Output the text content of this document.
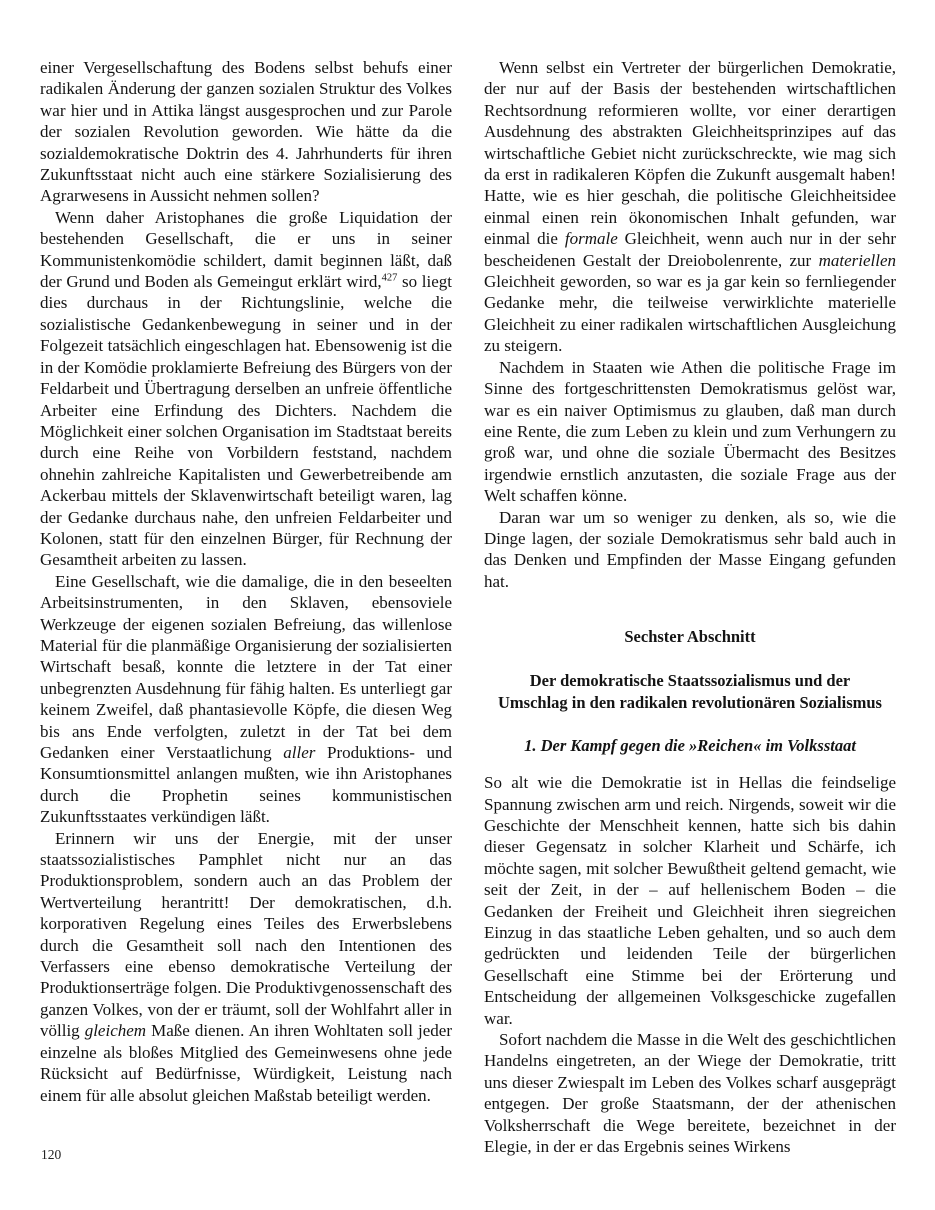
einer Vergesellschaftung des Bodens selbst behufs einer radikalen Änderung der ganzen sozialen Struktur des Volkes war hier und in Attika längst ausgesprochen und zur Parole der sozialen Revolution geworden. Wie hätte da die sozialdemokratische Doktrin des 4. Jahrhunderts für ihren Zukunftsstaat nicht auch eine stärkere Sozialisierung des Agrarwesens in Aussicht nehmen sollen?

Wenn daher Aristophanes die große Liquidation der bestehenden Gesellschaft, die er uns in seiner Kommunistenkomödie schildert, damit beginnen läßt, daß der Grund und Boden als Gemeingut erklärt wird,$^{427}$ so liegt dies durchaus in der Richtungslinie, welche die sozialistische Gedankenbewegung in seiner und in der Folgezeit tatsächlich eingeschlagen hat. Ebensowenig ist die in der Komödie proklamierte Befreiung des Bürgers von der Feldarbeit und Übertragung derselben an unfreie öffentliche Arbeiter eine Erfindung des Dichters. Nachdem die Möglichkeit einer solchen Organisation im Stadtstaat bereits durch eine Reihe von Vorbildern feststand, nachdem ohnehin zahlreiche Kapitalisten und Gewerbetreibende am Ackerbau mittels der Sklavenwirtschaft beteiligt waren, lag der Gedanke durchaus nahe, den unfreien Feldarbeiter und Kolonen, statt für den einzelnen Bürger, für Rechnung der Gesamtheit arbeiten zu lassen.

Eine Gesellschaft, wie die damalige, die in den beseelten Arbeitsinstrumenten, in den Sklaven, ebensoviele Werkzeuge der eigenen sozialen Befreiung, das willenlose Material für die planmäßige Organisierung der sozialisierten Wirtschaft besaß, konnte die letztere in der Tat einer unbegrenzten Ausdehnung für fähig halten. Es unterliegt gar keinem Zweifel, daß phantasievolle Köpfe, die diesen Weg bis ans Ende verfolgten, zuletzt in der Tat bei dem Gedanken einer Verstaatlichung aller Produktions- und Konsumtionsmittel anlangen mußten, wie ihn Aristophanes durch die Prophetin seines kommunistischen Zukunftsstaates verkündigen läßt.

Erinnern wir uns der Energie, mit der unser staatssozialistisches Pamphlet nicht nur an das Produktionsproblem, sondern auch an das Problem der Wertverteilung herantritt! Der demokratischen, d.h. korporativen Regelung eines Teiles des Erwerbslebens durch die Gesamtheit soll nach den Intentionen des Verfassers eine ebenso demokratische Verteilung der Produktionserträge folgen. Die Produktivgenossenschaft des ganzen Volkes, von der er träumt, soll der Wohlfahrt aller in völlig gleichem Maße dienen. An ihren Wohltaten soll jeder einzelne als bloßes Mitglied des Gemeinwesens ohne jede Rücksicht auf Bedürfnisse, Würdigkeit, Leistung nach einem für alle absolut gleichen Maßstab beteiligt werden.

Wenn selbst ein Vertreter der bürgerlichen Demokratie, der nur auf der Basis der bestehenden wirtschaftlichen Rechtsordnung reformieren wollte, vor einer derartigen Ausdehnung des abstrakten Gleichheitsprinzipes auf das wirtschaftliche Gebiet nicht zurückschreckte, wie mag sich da erst in radikaleren Köpfen die Zukunft ausgemalt haben! Hatte, wie es hier geschah, die politische Gleichheitsidee einmal einen rein ökonomischen Inhalt gefunden, war einmal die formale Gleichheit, wenn auch nur in der sehr bescheidenen Gestalt der Dreiobolenrente, zur materiellen Gleichheit geworden, so war es ja gar kein so fernliegender Gedanke mehr, die teilweise verwirklichte materielle Gleichheit zu einer radikalen wirtschaftlichen Ausgleichung zu steigern.

Nachdem in Staaten wie Athen die politische Frage im Sinne des fortgeschrittensten Demokratismus gelöst war, war es ein naiver Optimismus zu glauben, daß man durch eine Rente, die zum Leben zu klein und zum Verhungern zu groß war, und ohne die soziale Übermacht des Besitzes irgendwie ernstlich anzutasten, die soziale Frage aus der Welt schaffen könne.

Daran war um so weniger zu denken, als so, wie die Dinge lagen, der soziale Demokratismus sehr bald auch in das Denken und Empfinden der Masse Eingang gefunden hat.

Sechster Abschnitt
Der demokratische Staatssozialismus und der
Umschlag in den radikalen revolutionären Sozialismus
1. Der Kampf gegen die »Reichen« im Volksstaat

So alt wie die Demokratie ist in Hellas die feindselige Spannung zwischen arm und reich. Nirgends, soweit wir die Geschichte der Menschheit kennen, hatte sich bis dahin dieser Gegensatz in solcher Klarheit und Schärfe, ich möchte sagen, mit solcher Bewußtheit geltend gemacht, wie seit der Zeit, in der – auf hellenischem Boden – die Gedanken der Freiheit und Gleichheit ihren siegreichen Einzug in das staatliche Leben gehalten, und so auch dem gedrückten und leidenden Teile der bürgerlichen Gesellschaft eine Stimme bei der Erörterung und Entscheidung der allgemeinen Volksgeschicke zugefallen war.

Sofort nachdem die Masse in die Welt des geschichtlichen Handelns eingetreten, an der Wiege der Demokratie, tritt uns dieser Zwiespalt im Leben des Volkes scharf ausgeprägt entgegen. Der große Staatsmann, der der athenischen Volksherrschaft die Wege bereitete, bezeichnet in der Elegie, in der er das Ergebnis seines Wirkens

120
